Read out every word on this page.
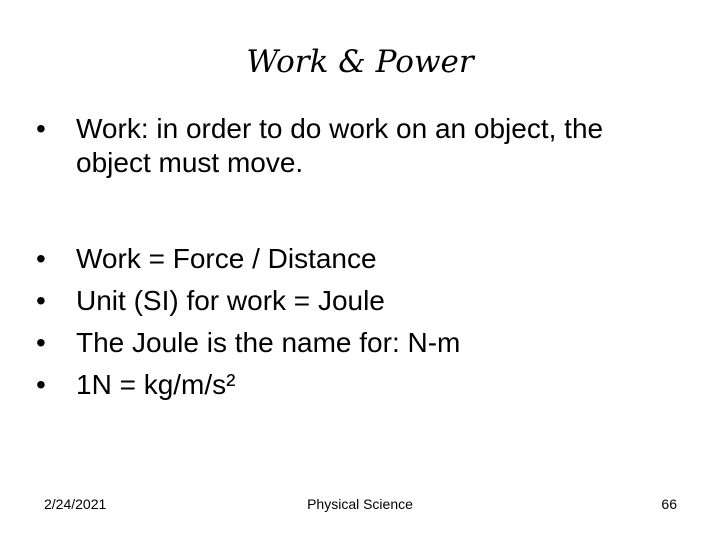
Work & Power
•	Work: in order to do work on an object, the object must move.
•	Work = Force / Distance
•	Unit (SI) for work = Joule
•	The Joule is the name for: N-m
•	1N = kg/m/s²
2/24/2021	Physical Science	66
